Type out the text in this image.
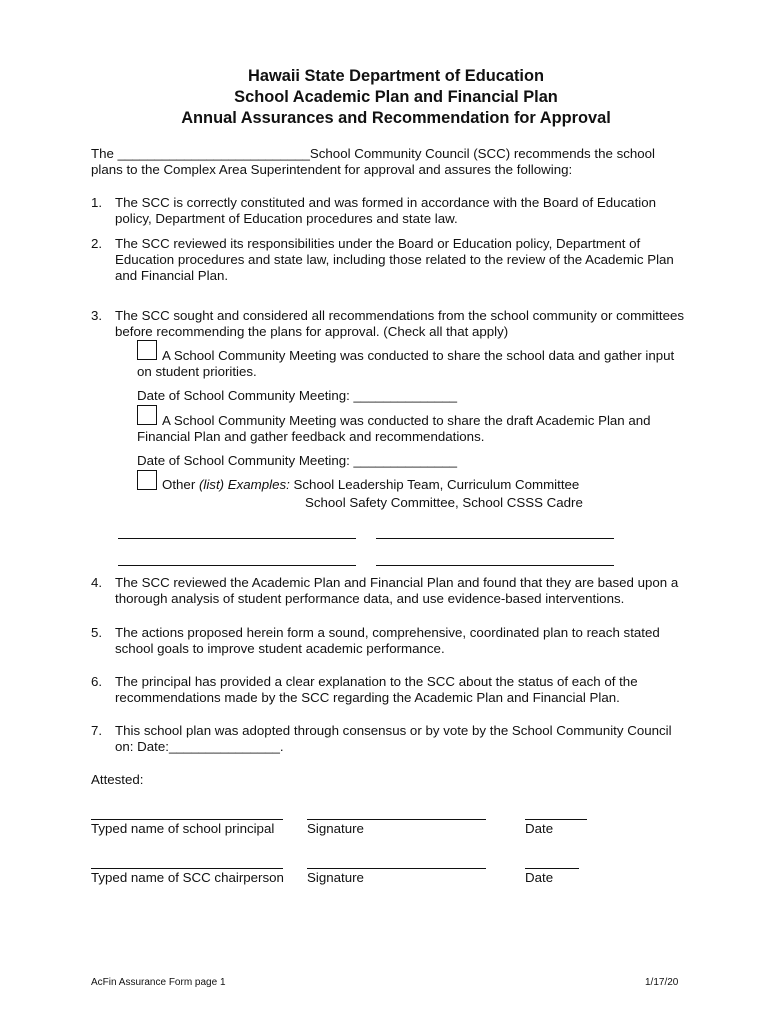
Hawaii State Department of Education
School Academic Plan and Financial Plan
Annual Assurances and Recommendation for Approval
The __________________________School Community Council (SCC) recommends the school
plans to the Complex Area Superintendent for approval and assures the following:
1. The SCC is correctly constituted and was formed in accordance with the Board of Education
policy, Department of Education procedures and state law.
2. The SCC reviewed its responsibilities under the Board or Education policy, Department of
Education procedures and state law, including those related to the review of the Academic Plan
and Financial Plan.
3. The SCC sought and considered all recommendations from the school community or committees
before recommending the plans for approval. (Check all that apply)
A School Community Meeting was conducted to share the school data and gather input
on student priorities.
Date of School Community Meeting: ______________
A School Community Meeting was conducted to share the draft Academic Plan and
Financial Plan and gather feedback and recommendations.
Date of School Community Meeting: ______________
Other (list) Examples: School Leadership Team, Curriculum Committee
School Safety Committee, School CSSS Cadre
4. The SCC reviewed the Academic Plan and Financial Plan and found that they are based upon a
thorough analysis of student performance data, and use evidence-based interventions.
5. The actions proposed herein form a sound, comprehensive, coordinated plan to reach stated
school goals to improve student academic performance.
6. The principal has provided a clear explanation to the SCC about the status of each of the
recommendations made by the SCC regarding the Academic Plan and Financial Plan.
7. This school plan was adopted through consensus or by vote by the School Community Council
on: Date:_______________.
Attested:
Typed name of school principal Signature	Date
Typed name of SCC chairperson Signature	Date
AcFin Assurance Form page 1	1/17/20
